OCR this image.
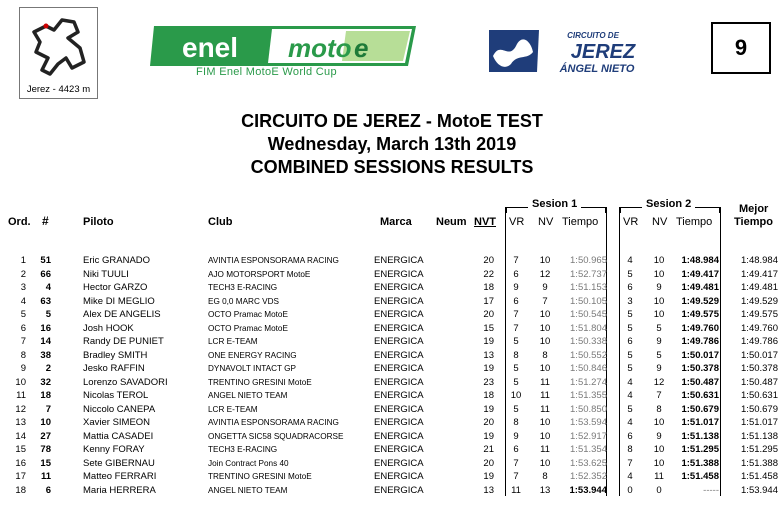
Jerez - 4423 m
enel moto e
FIM Enel MotoE World Cup
CIRCUITO DE
JEREZ
ÁNGEL NIETO
9
CIRCUITO DE JEREZ - MotoE TEST
Wednesday, March 13th 2019
COMBINED SESSIONS RESULTS
Ord. #	Piloto	Club	Marca Neum NVT
Sesion 1
VR NV Tiempo
Sesion 2
VR NV Tiempo
Mejor
Tiempo
1	51	Eric GRANADO	AVINTIA ESPONSORAMA RACING	ENERGICA	20	7	10	1:50.965	4	10	1:48.984	1:48.984
2	66	Niki TUULI	AJO MOTORSPORT MotoE	ENERGICA	22	6	12	1:52.737	5	10	1:49.417	1:49.417
3	4	Hector GARZO	TECH3 E-RACING	ENERGICA	18	9	9	1:51.153	6	9	1:49.481	1:49.481
4	63	Mike DI MEGLIO	EG 0,0 MARC VDS	ENERGICA	17	6	7	1:50.105	3	10	1:49.529	1:49.529
5	5	Alex DE ANGELIS	OCTO Pramac MotoE	ENERGICA	20	7	10	1:50.545	5	10	1:49.575	1:49.575
6	16	Josh HOOK	OCTO Pramac MotoE	ENERGICA	15	7	10	1:51.804	5	5	1:49.760	1:49.760
7	14	Randy DE PUNIET	LCR E-TEAM	ENERGICA	19	5	10	1:50.338	6	9	1:49.786	1:49.786
8	38	Bradley SMITH	ONE ENERGY RACING	ENERGICA	13	8	8	1:50.552	5	5	1:50.017	1:50.017
9	2	Jesko RAFFIN	DYNAVOLT INTACT GP	ENERGICA	19	5	10	1:50.846	5	9	1:50.378	1:50.378
10	32	Lorenzo SAVADORI	TRENTINO GRESINI MotoE	ENERGICA	23	5	11	1:51.274	4	12	1:50.487	1:50.487
11	18	Nicolas TEROL	ANGEL NIETO TEAM	ENERGICA	18	10	11	1:51.355	4	7	1:50.631	1:50.631
12	7	Niccolo CANEPA	LCR E-TEAM	ENERGICA	19	5	11	1:50.850	5	8	1:50.679	1:50.679
13	10	Xavier SIMEON	AVINTIA ESPONSORAMA RACING	ENERGICA	20	8	10	1:53.594	4	10	1:51.017	1:51.017
14	27	Mattia CASADEI	ONGETTA SIC58 SQUADRACORSE	ENERGICA	19	9	10	1:52.917	6	9	1:51.138	1:51.138
15	78	Kenny FORAY	TECH3 E-RACING	ENERGICA	21	6	11	1:51.354	8	10	1:51.295	1:51.295
16	15	Sete GIBERNAU	Join Contract Pons 40	ENERGICA	20	7	10	1:53.625	7	10	1:51.388	1:51.388
17	11	Matteo FERRARI	TRENTINO GRESINI MotoE	ENERGICA	19	7	8	1:52.352	4	11	1:51.458	1:51.458
18	6	Maria HERRERA	ANGEL NIETO TEAM	ENERGICA	13	11	13	1:53.944	0	0	-----	1:53.944
